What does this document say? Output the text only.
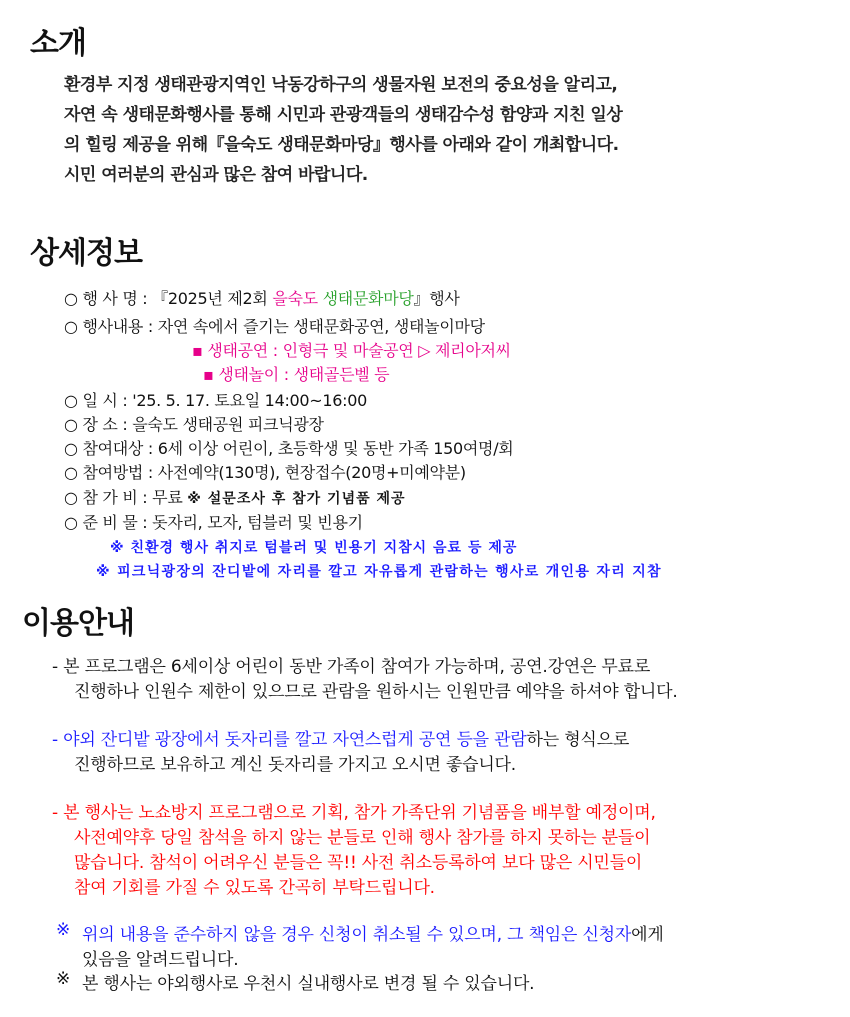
소개
상세정보
이용안내
환경부 지정 생태관광지역인 낙동강하구의 생물자원 보전의 중요성을 알리고,
자연 속 생태문화행사를 통해 시민과 관광객들의 생태감수성 함양과 지친 일상
의 힐링 제공을 위해『을숙도 생태문화마당』행사를 아래와 같이 개최합니다.
시민 여러분의 관심과 많은 참여 바랍니다.
○ 행 사 명 : 『2025년 제2회 을숙도 생태문화마당』행사
○ 행사내용 : 자연 속에서 즐기는 생태문화공연, 생태놀이마당
▪ 생태공연 : 인형극 및 마술공연 ▷ 제리아저씨
▪ 생태놀이 : 생태골든벨 등
○ 일 시 : '25. 5. 17. 토요일 14:00~16:00
○ 장 소 : 을숙도 생태공원 피크닉광장
○ 참여대상 : 6세 이상 어린이, 초등학생 및 동반 가족 150여명/회
○ 참여방법 : 사전예약(130명), 현장접수(20명+미예약분)
○ 참 가 비 : 무료 ※ 설문조사 후 참가 기념품 제공
○ 준 비 물 : 돗자리, 모자, 텀블러 및 빈용기
※ 친환경 행사 취지로 텀블러 및 빈용기 지참시 음료 등 제공
※ 피크닉광장의 잔디밭에 자리를 깔고 자유롭게 관람하는 행사로 개인용 자리 지참
- 본 프로그램은 6세이상 어린이 동반 가족이 참여가 가능하며, 공연.강연은 무료로
진행하나 인원수 제한이 있으므로 관람을 원하시는 인원만큼 예약을 하셔야 합니다.
- 야외 잔디밭 광장에서 돗자리를 깔고 자연스럽게 공연 등을 관람하는 형식으로
진행하므로 보유하고 계신 돗자리를 가지고 오시면 좋습니다.
- 본 행사는 노쇼방지 프로그램으로 기획, 참가 가족단위 기념품을 배부할 예정이며,
사전예약후 당일 참석을 하지 않는 분들로 인해 행사 참가를 하지 못하는 분들이
많습니다. 참석이 어려우신 분들은 꼭!! 사전 취소등록하여 보다 많은 시민들이
참여 기회를 가질 수 있도록 간곡히 부탁드립니다.
※ 위의 내용을 준수하지 않을 경우 신청이 취소될 수 있으며, 그 책임은 신청자에게
있음을 알려드립니다.
※ 본 행사는 야외행사로 우천시 실내행사로 변경 될 수 있습니다.
